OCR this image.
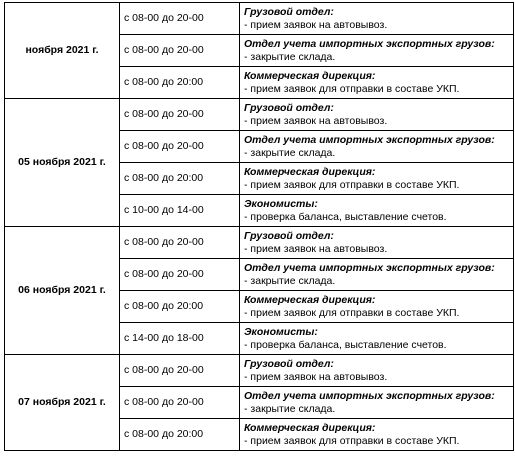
ноября 2021 г.	с 08-00 до 20-00	Грузовой отдел:
- прием заявок на автовывоз.

	с 08-00 до 20-00	Отдел учета импортных экспортных грузов:
- закрытие склада.

	с 08-00 до 20:00	Коммерческая дирекция:
- прием заявок для отправки в составе УКП.

05 ноября 2021 г.	с 08-00 до 20-00	Грузовой отдел:
- прием заявок на автовывоз.

	с 08-00 до 20-00	Отдел учета импортных экспортных грузов:
- закрытие склада.

	с 08-00 до 20:00	Коммерческая дирекция:
- прием заявок для отправки в составе УКП.

	с 10-00 до 14-00	Экономисты:
- проверка баланса, выставление счетов.

06 ноября 2021 г.	с 08-00 до 20-00	Грузовой отдел:
- прием заявок на автовывоз.

	с 08-00 до 20-00	Отдел учета импортных экспортных грузов:
- закрытие склада.

	с 08-00 до 20:00	Коммерческая дирекция:
- прием заявок для отправки в составе УКП.

	с 14-00 до 18-00	Экономисты:
- проверка баланса, выставление счетов.

07 ноября 2021 г.	с 08-00 до 20-00	Грузовой отдел:
- прием заявок на автовывоз.

	с 08-00 до 20-00	Отдел учета импортных экспортных грузов:
- закрытие склада.

	с 08-00 до 20:00	Коммерческая дирекция:
- прием заявок для отправки в составе УКП.
